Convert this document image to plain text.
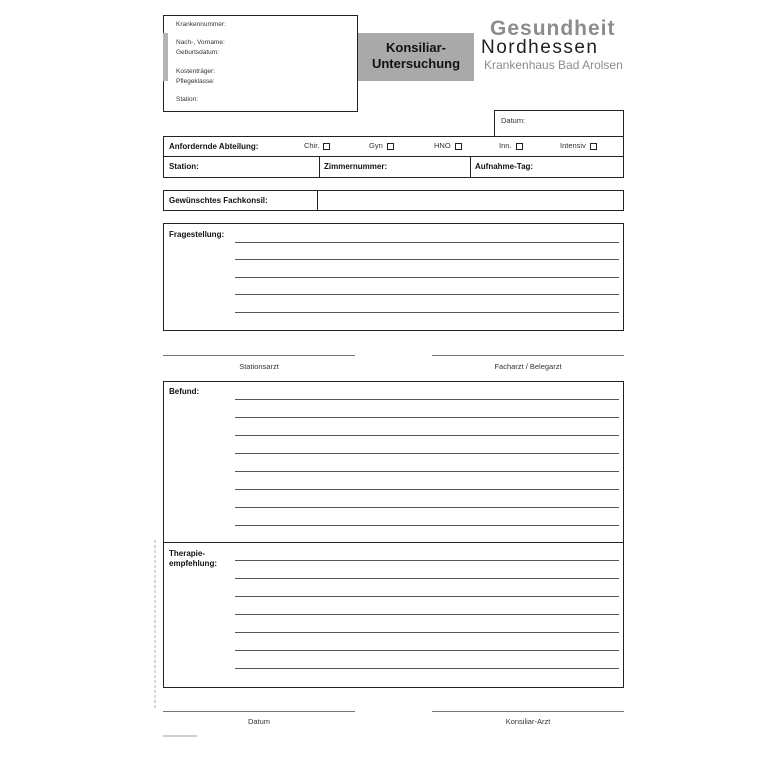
Krankennummer:
Nach-, Vorname:
Geburtsdatum:
Kostenträger:
Pflegeklasse:
Station:
Konsiliar-
Untersuchung
Gesundheit
Nordhessen
Krankenhaus Bad Arolsen
Datum:
Anfordernde Abteilung:	Chir.	Gyn	HNO	Inn.	Intensiv
Station:	Zimmernummer:	Aufnahme-Tag:
Gewünschtes Fachkonsil:
Fragestellung:
Stationsarzt	Facharzt / Belegarzt
Befund:
Therapie-
empfehlung:
Datum	Konsiliar-Arzt
